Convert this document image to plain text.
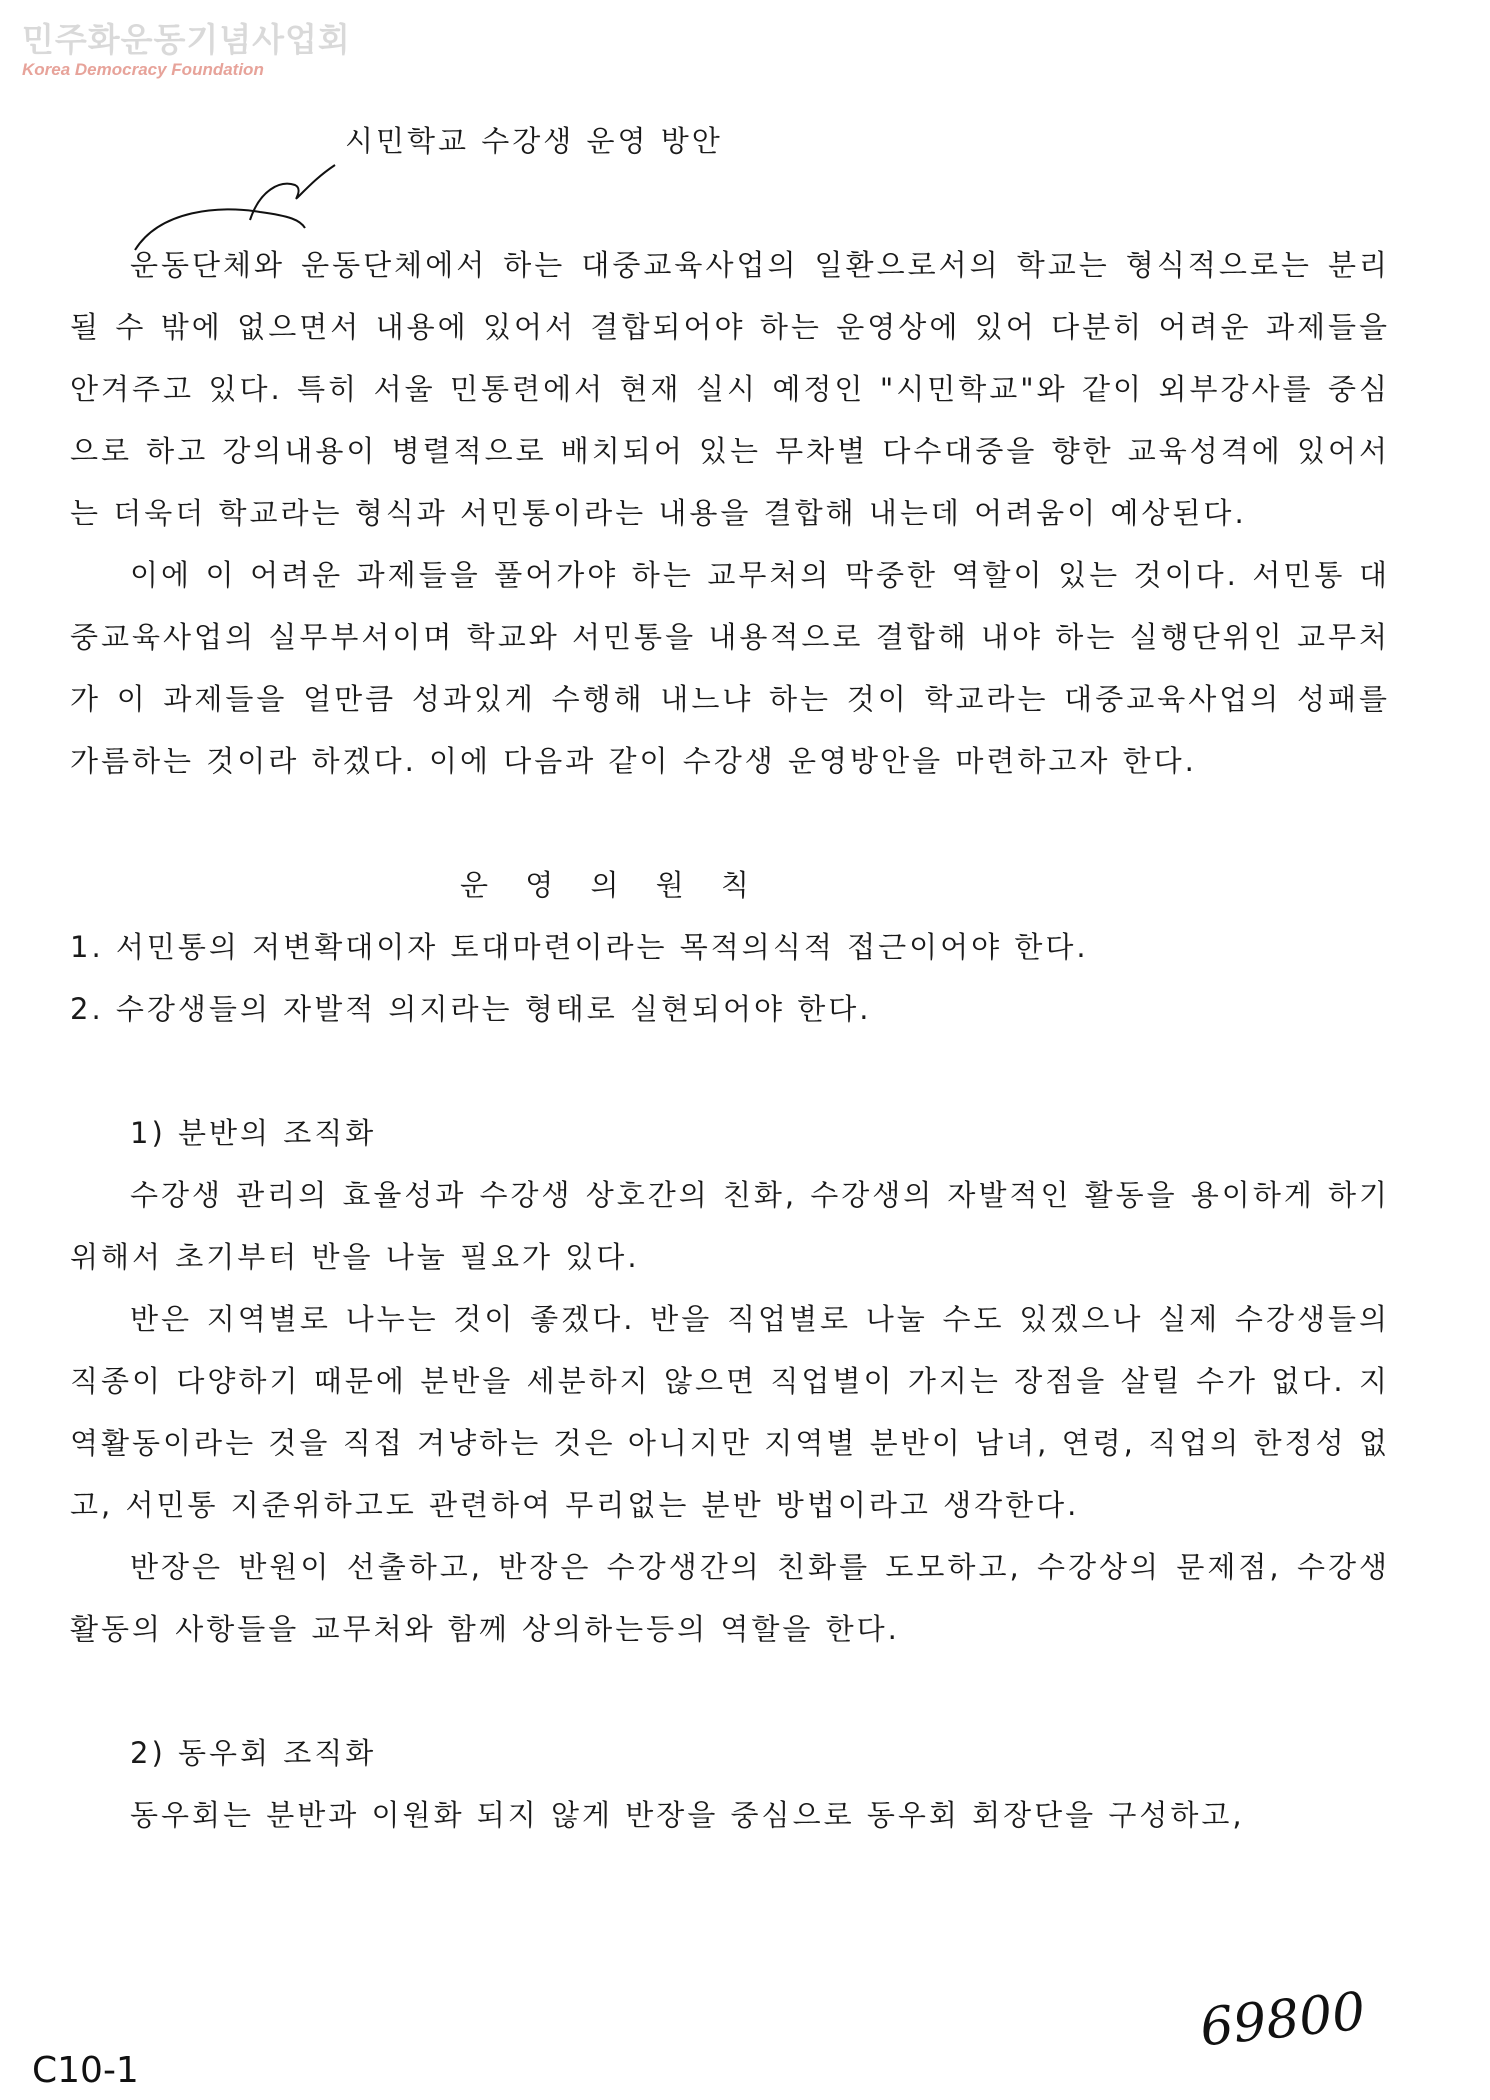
민주화운동기념사업회
Korea Democracy Foundation
시민학교 수강생 운영 방안

운동단체와 운동단체에서 하는 대중교육사업의 일환으로서의 학교는 형식적으로는 분리될 수 밖에 없으면서 내용에 있어서 결합되어야 하는 운영상에 있어 다분히 어려운 과제들을 안겨주고 있다. 특히 서울 민통련에서 현재 실시 예정인 "시민학교"와 같이 외부강사를 중심으로 하고 강의내용이 병렬적으로 배치되어 있는 무차별 다수대중을 향한 교육성격에 있어서는 더욱더 학교라는 형식과 서민통이라는 내용을 결합해 내는데 어려움이 예상된다.

이에 이 어려운 과제들을 풀어가야 하는 교무처의 막중한 역할이 있는 것이다. 서민통 대중교육사업의 실무부서이며 학교와 서민통을 내용적으로 결합해 내야 하는 실행단위인 교무처가 이 과제들을 얼만큼 성과있게 수행해 내느냐 하는 것이 학교라는 대중교육사업의 성패를 가름하는 것이라 하겠다. 이에 다음과 같이 수강생 운영방안을 마련하고자 한다.

운 영 의 원 칙

1. 서민통의 저변확대이자 토대마련이라는 목적의식적 접근이어야 한다.

2. 수강생들의 자발적 의지라는 형태로 실현되어야 한다.

1) 분반의 조직화

수강생 관리의 효율성과 수강생 상호간의 친화, 수강생의 자발적인 활동을 용이하게 하기 위해서 초기부터 반을 나눌 필요가 있다.

반은 지역별로 나누는 것이 좋겠다. 반을 직업별로 나눌 수도 있겠으나 실제 수강생들의 직종이 다양하기 때문에 분반을 세분하지 않으면 직업별이 가지는 장점을 살릴 수가 없다. 지역활동이라는 것을 직접 겨냥하는 것은 아니지만 지역별 분반이 남녀, 연령, 직업의 한정성 없고, 서민통 지준위하고도 관련하여 무리없는 분반 방법이라고 생각한다.

반장은 반원이 선출하고, 반장은 수강생간의 친화를 도모하고, 수강상의 문제점, 수강생활동의 사항들을 교무처와 함께 상의하는등의 역할을 한다.

2) 동우회 조직화

동우회는 분반과 이원화 되지 않게 반장을 중심으로 동우회 회장단을 구성하고,

69800
C10-1
